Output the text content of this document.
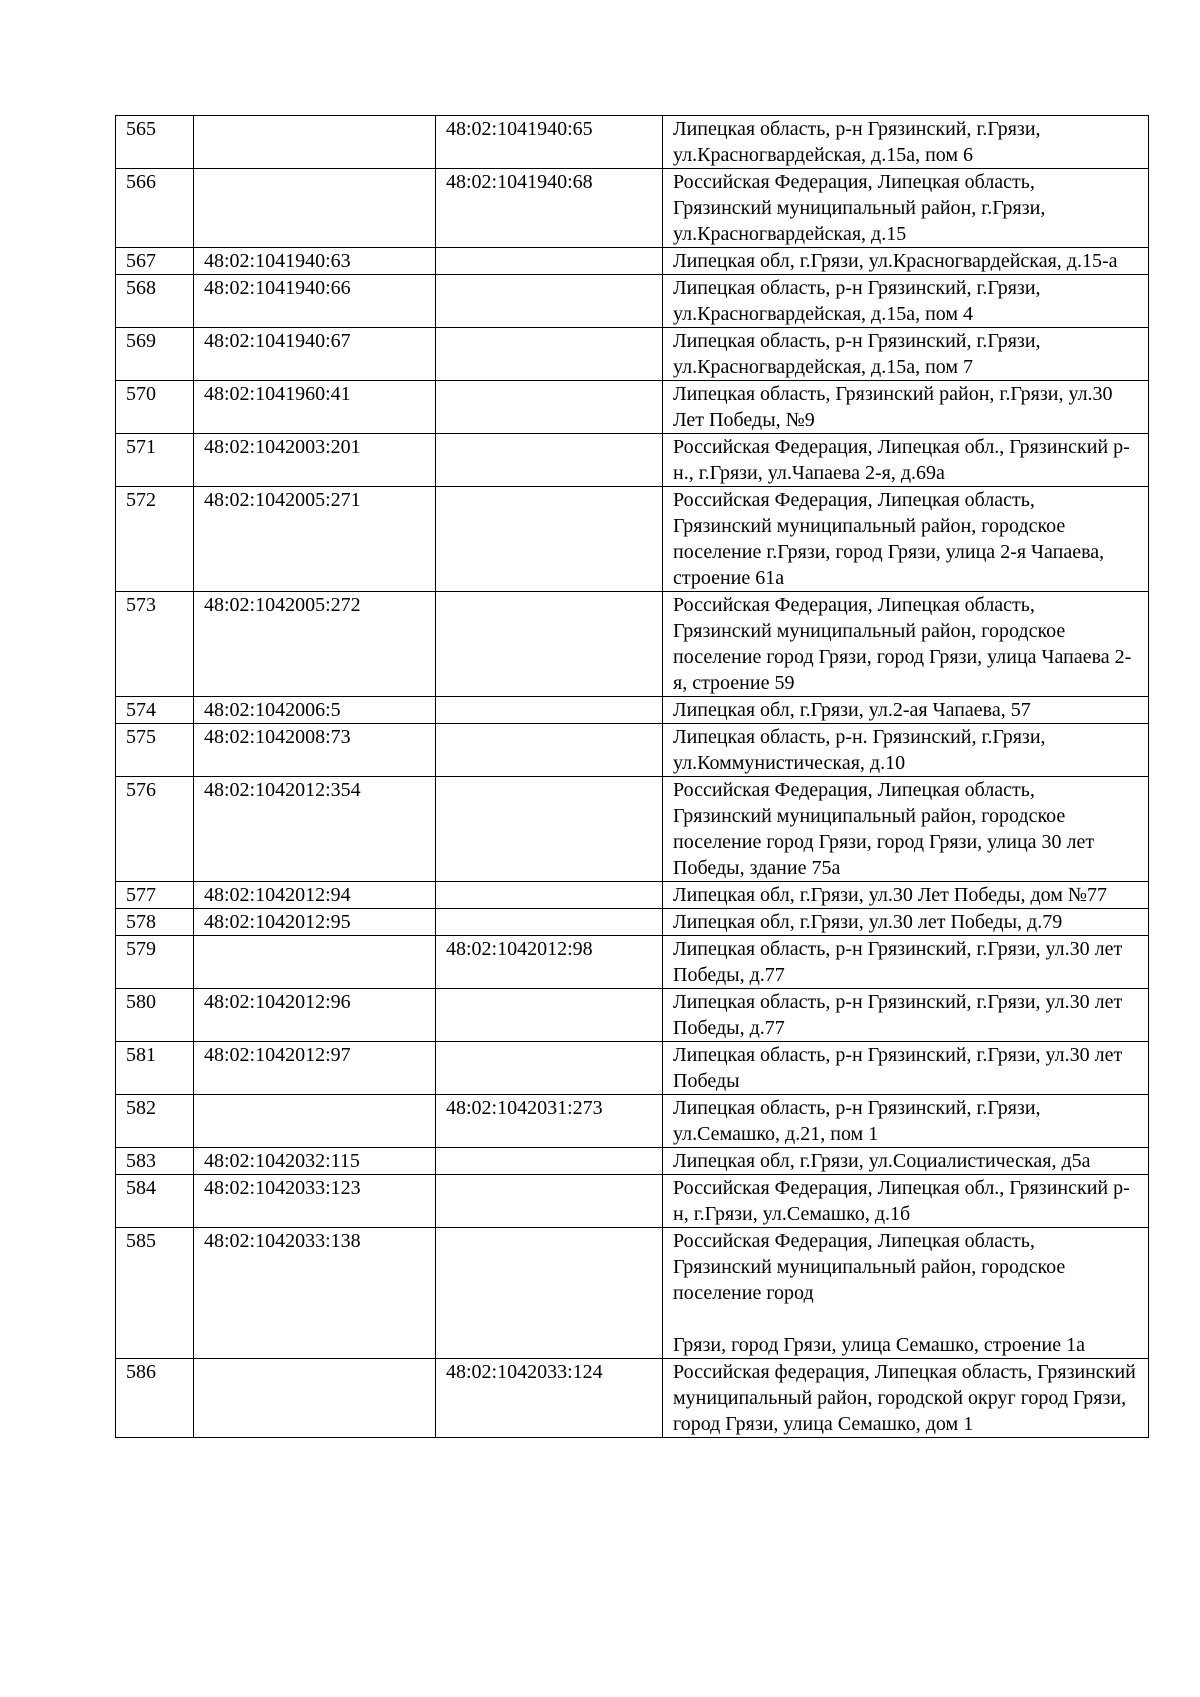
565		48:02:1041940:65	Липецкая область, р-н Грязинский, г.Грязи, ул.Красногвардейская, д.15а, пом 6
566		48:02:1041940:68	Российская Федерация, Липецкая область, Грязинский муниципальный район, г.Грязи, ул.Красногвардейская, д.15
567	48:02:1041940:63		Липецкая обл, г.Грязи, ул.Красногвардейская, д.15-а
568	48:02:1041940:66		Липецкая область, р-н Грязинский, г.Грязи, ул.Красногвардейская, д.15а, пом 4
569	48:02:1041940:67		Липецкая область, р-н Грязинский, г.Грязи, ул.Красногвардейская, д.15а, пом 7
570	48:02:1041960:41		Липецкая область, Грязинский район, г.Грязи, ул.30 Лет Победы, №9
571	48:02:1042003:201		Российская Федерация, Липецкая обл., Грязинский р-н., г.Грязи, ул.Чапаева 2-я, д.69а
572	48:02:1042005:271		Российская Федерация, Липецкая область, Грязинский муниципальный район, городское поселение г.Грязи, город Грязи, улица 2-я Чапаева, строение 61а
573	48:02:1042005:272		Российская Федерация, Липецкая область, Грязинский муниципальный район, городское поселение город Грязи, город Грязи, улица Чапаева 2-я, строение 59
574	48:02:1042006:5		Липецкая обл, г.Грязи, ул.2-ая Чапаева, 57
575	48:02:1042008:73		Липецкая область, р-н. Грязинский, г.Грязи, ул.Коммунистическая, д.10
576	48:02:1042012:354		Российская Федерация, Липецкая область, Грязинский муниципальный район, городское поселение город Грязи, город Грязи, улица 30 лет Победы, здание 75а
577	48:02:1042012:94		Липецкая обл, г.Грязи, ул.30 Лет Победы, дом №77
578	48:02:1042012:95		Липецкая обл, г.Грязи, ул.30 лет Победы, д.79
579		48:02:1042012:98	Липецкая область, р-н Грязинский, г.Грязи, ул.30 лет Победы, д.77
580	48:02:1042012:96		Липецкая область, р-н Грязинский, г.Грязи, ул.30 лет Победы, д.77
581	48:02:1042012:97		Липецкая область, р-н Грязинский, г.Грязи, ул.30 лет Победы
582		48:02:1042031:273	Липецкая область, р-н Грязинский, г.Грязи, ул.Семашко, д.21, пом 1
583	48:02:1042032:115		Липецкая обл, г.Грязи, ул.Социалистическая, д5а
584	48:02:1042033:123		Российская Федерация, Липецкая обл., Грязинский р-н, г.Грязи, ул.Семашко, д.1б
585	48:02:1042033:138		Российская Федерация, Липецкая область, Грязинский муниципальный район, городское поселение город

Грязи, город Грязи, улица Семашко, строение 1а
586		48:02:1042033:124	Российская федерация, Липецкая область, Грязинский муниципальный район, городской округ город Грязи, город Грязи, улица Семашко, дом 1
